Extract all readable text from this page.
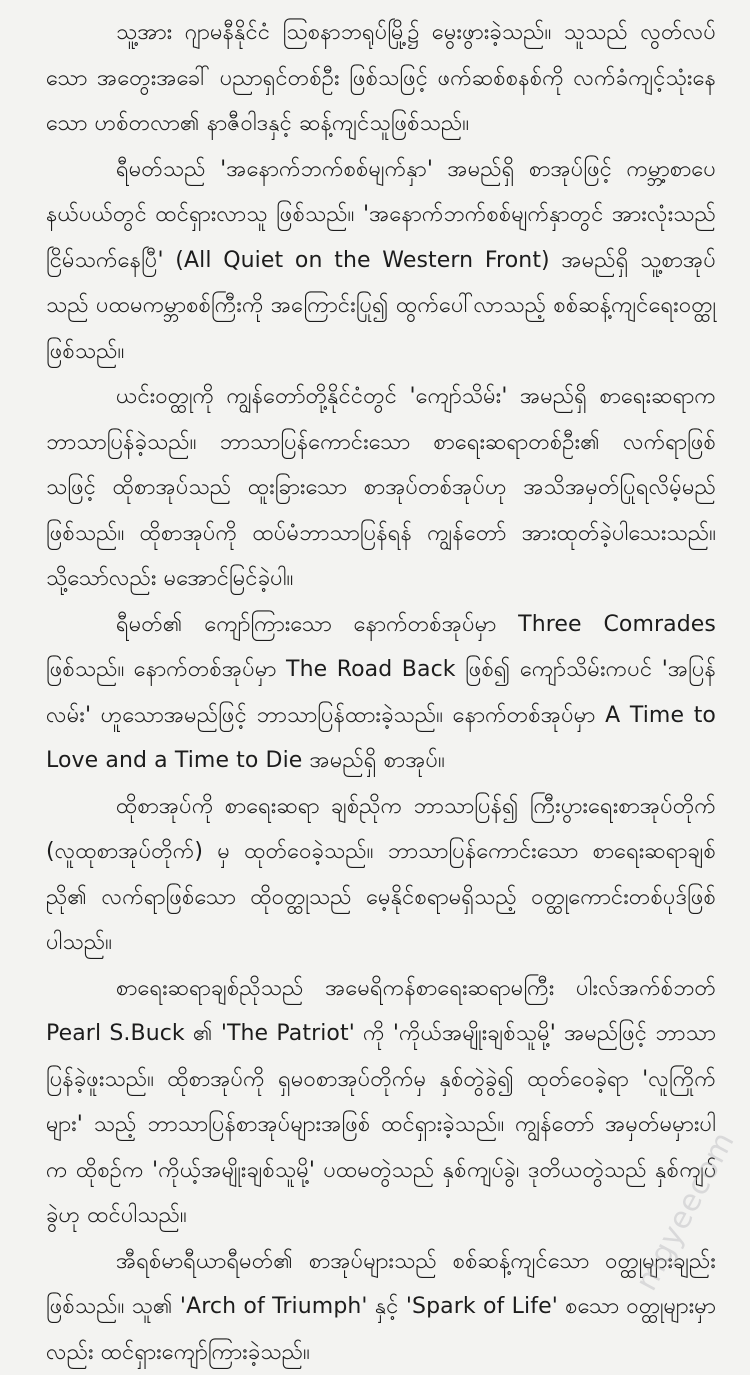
သူ့အား ဂျာမနီနိုင်ငံ ဩစနာဘရုပ်မြို့၌ မွေးဖွားခဲ့သည်။ သူသည် လွတ်လပ်သော အတွေးအခေါ် ပညာရှင်တစ်ဦး ဖြစ်သဖြင့် ဖက်ဆစ်စနစ်ကို လက်ခံကျင့်သုံးနေသော ဟစ်တလာ၏ နာဇီဝါဒနှင့် ဆန့်ကျင်သူဖြစ်သည်။

ရီမတ်သည် 'အနောက်ဘက်စစ်မျက်နှာ' အမည်ရှိ စာအုပ်ဖြင့် ကမ္ဘာ့စာပေနယ်ပယ်တွင် ထင်ရှားလာသူ ဖြစ်သည်။ 'အနောက်ဘက်စစ်မျက်နှာတွင် အားလုံးသည် ငြိမ်သက်နေပြီ' (All Quiet on the Western Front) အမည်ရှိ သူ့စာအုပ်သည် ပထမကမ္ဘာစစ်ကြီးကို အကြောင်းပြု၍ ထွက်ပေါ်လာသည့် စစ်ဆန့်ကျင်ရေးဝတ္ထုဖြစ်သည်။

ယင်းဝတ္ထုကို ကျွန်တော်တို့နိုင်ငံတွင် 'ကျော်သိမ်း' အမည်ရှိ စာရေးဆရာက ဘာသာပြန်ခဲ့သည်။ ဘာသာပြန်ကောင်းသော စာရေးဆရာတစ်ဦး၏ လက်ရာဖြစ်သဖြင့် ထိုစာအုပ်သည် ထူးခြားသော စာအုပ်တစ်အုပ်ဟု အသိအမှတ်ပြုရလိမ့်မည်ဖြစ်သည်။ ထိုစာအုပ်ကို ထပ်မံဘာသာပြန်ရန် ကျွန်တော် အားထုတ်ခဲ့ပါသေးသည်။ သို့သော်လည်း မအောင်မြင်ခဲ့ပါ။

ရီမတ်၏ ကျော်ကြားသော နောက်တစ်အုပ်မှာ Three Comrades ဖြစ်သည်။ နောက်တစ်အုပ်မှာ The Road Back ဖြစ်၍ ကျော်သိမ်းကပင် 'အပြန်လမ်း' ဟူသောအမည်ဖြင့် ဘာသာပြန်ထားခဲ့သည်။ နောက်တစ်အုပ်မှာ A Time to Love and a Time to Die အမည်ရှိ စာအုပ်။

ထိုစာအုပ်ကို စာရေးဆရာ ချစ်ညိုက ဘာသာပြန်၍ ကြီးပွားရေးစာအုပ်တိုက် (လူထုစာအုပ်တိုက်) မှ ထုတ်ဝေခဲ့သည်။ ဘာသာပြန်ကောင်းသော စာရေးဆရာချစ်ညို၏ လက်ရာဖြစ်သော ထိုဝတ္ထုသည် မေ့နိုင်စရာမရှိသည့် ဝတ္ထုကောင်းတစ်ပုဒ်ဖြစ်ပါသည်။

စာရေးဆရာချစ်ညိုသည် အမေရိကန်စာရေးဆရာမကြီး ပါးလ်အက်စ်ဘတ် Pearl S.Buck ၏ 'The Patriot' ကို 'ကိုယ်အမျိုးချစ်သူမို့' အမည်ဖြင့် ဘာသာပြန်ခဲ့ဖူးသည်။ ထိုစာအုပ်ကို ရှမဝစာအုပ်တိုက်မှ နှစ်တွဲခွဲ၍ ထုတ်ဝေခဲ့ရာ 'လူကြိုက်များ' သည့် ဘာသာပြန်စာအုပ်များအဖြစ် ထင်ရှားခဲ့သည်။ ကျွန်တော် အမှတ်မမှားပါက ထိုစဉ်က 'ကိုယ့်အမျိုးချစ်သူမို့' ပထမတွဲသည် နှစ်ကျပ်ခွဲ၊ ဒုတိယတွဲသည် နှစ်ကျပ်ခွဲဟု ထင်ပါသည်။

အီရစ်မာရီယာရီမတ်၏ စာအုပ်များသည် စစ်ဆန့်ကျင်သော ဝတ္ထုများချည်း ဖြစ်သည်။ သူ၏ 'Arch of Triumph' နှင့် 'Spark of Life' စသော ဝတ္ထုများမှာလည်း ထင်ရှားကျော်ကြားခဲ့သည်။

mgyeecom
